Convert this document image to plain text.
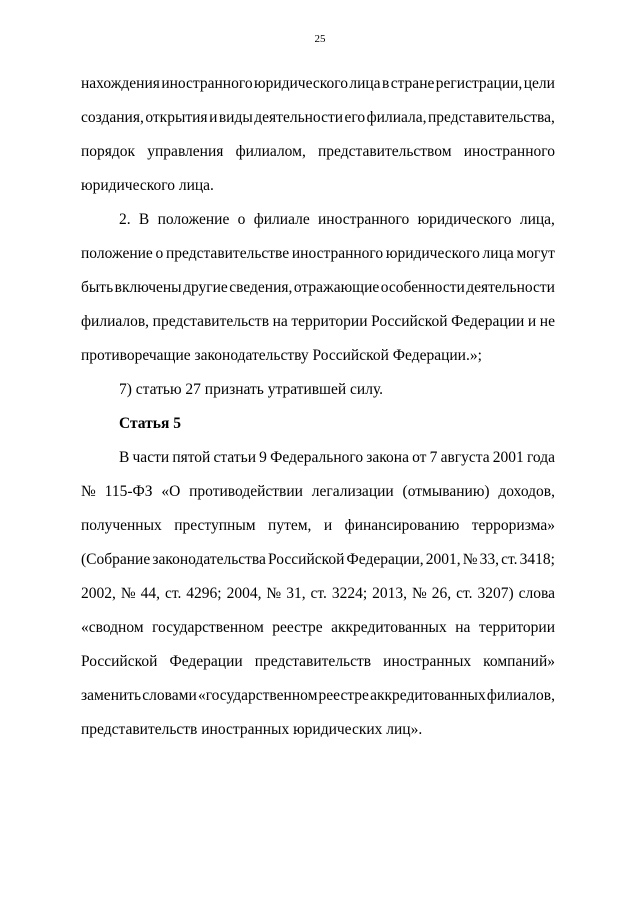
25
нахождения иностранного юридического лица в стране регистрации, цели
создания, открытия и виды деятельности его филиала, представительства,
порядок управления филиалом, представительством иностранного
юридического лица.
2. В положение о филиале иностранного юридического лица,
положение о представительстве иностранного юридического лица могут
быть включены другие сведения, отражающие особенности деятельности
филиалов, представительств на территории Российской Федерации и не
противоречащие законодательству Российской Федерации.»;
7) статью 27 признать утратившей силу.
Статья 5
В части пятой статьи 9 Федерального закона от 7 августа 2001 года
№ 115-ФЗ «О противодействии легализации (отмыванию) доходов,
полученных преступным путем, и финансированию терроризма»
(Собрание законодательства Российской Федерации, 2001, № 33, ст. 3418;
2002, № 44, ст. 4296; 2004, № 31, ст. 3224; 2013, № 26, ст. 3207) слова
«сводном государственном реестре аккредитованных на территории
Российской Федерации представительств иностранных компаний»
заменить словами «государственном реестре аккредитованных филиалов,
представительств иностранных юридических лиц».
